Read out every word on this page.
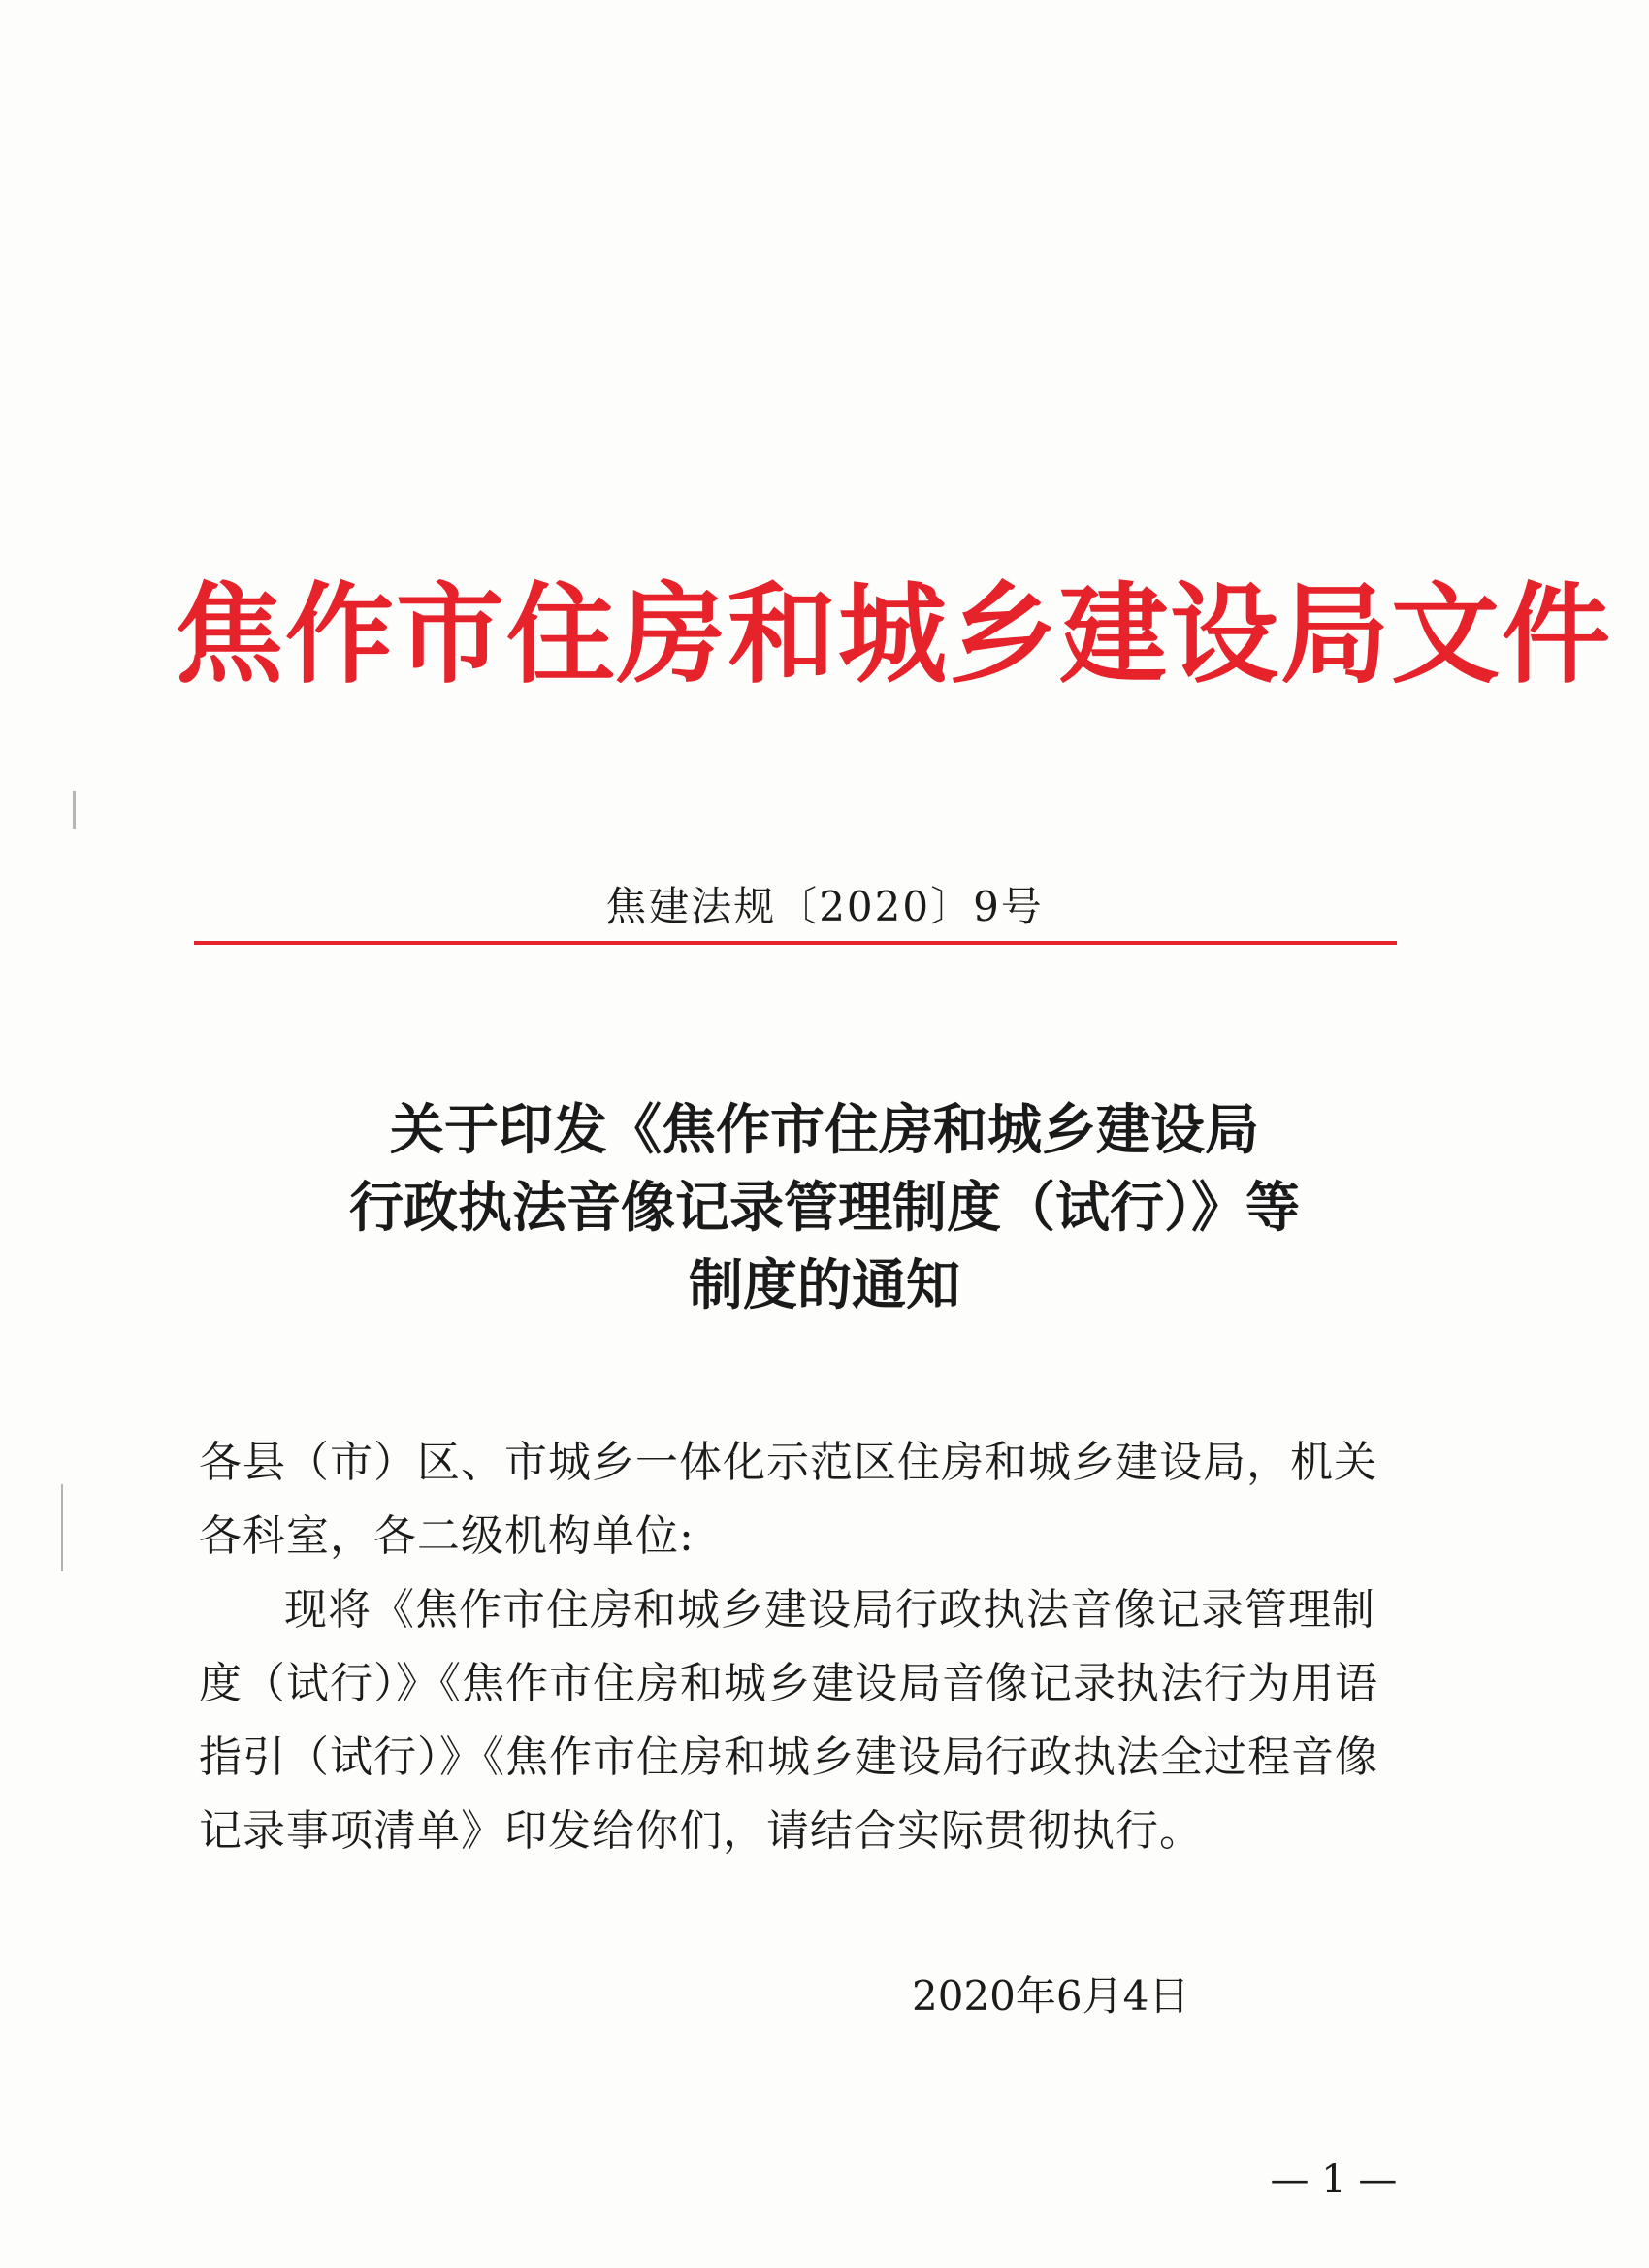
焦作市住房和城乡建设局文件
焦建法规〔2020〕9号
关于印发《焦作市住房和城乡建设局
行政执法音像记录管理制度（试行）》等
制度的通知

各县（市）区、市城乡一体化示范区住房和城乡建设局，机关各科室，各二级机构单位:

现将《焦作市住房和城乡建设局行政执法音像记录管理制度（试行）》《焦作市住房和城乡建设局音像记录执法行为用语指引（试行）》《焦作市住房和城乡建设局行政执法全过程音像记录事项清单》印发给你们，请结合实际贯彻执行。

2020年6月4日
— 1 —
